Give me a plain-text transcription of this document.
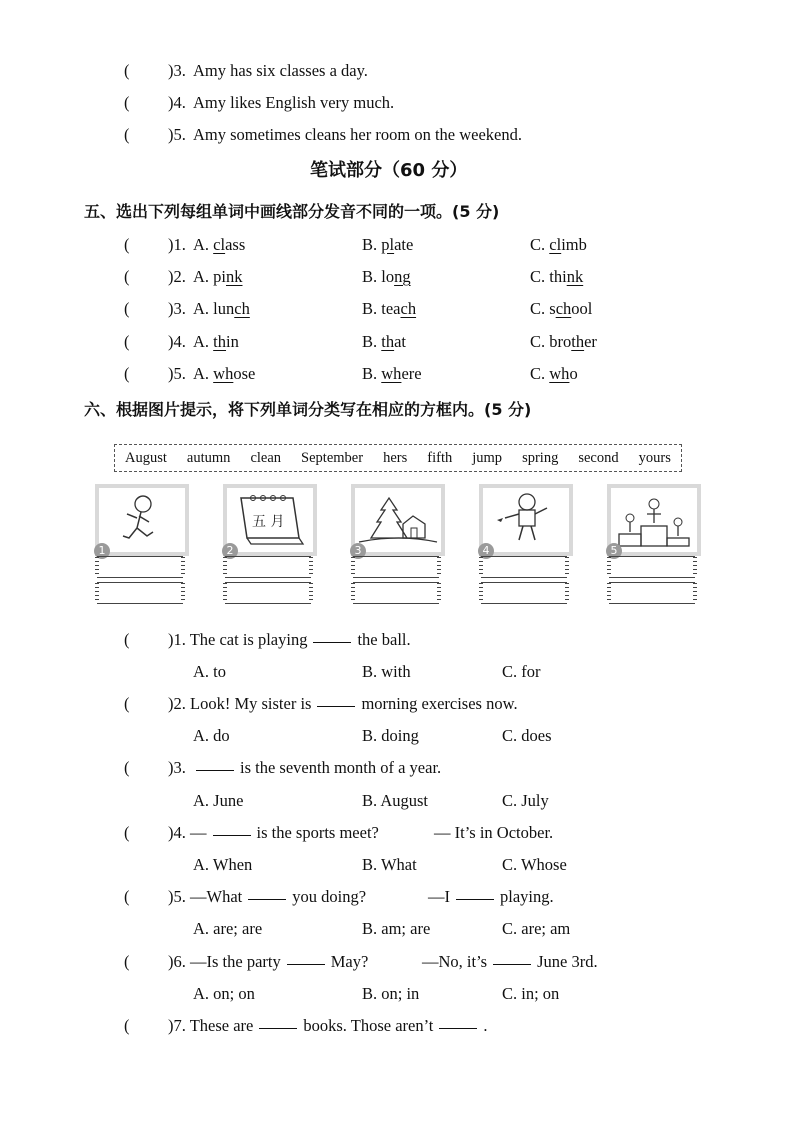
( )3. Amy has six classes a day.
( )4. Amy likes English very much.
( )5. Amy sometimes cleans her room on the weekend.
笔试部分（60 分）
五、选出下列每组单词中画线部分发音不同的一项。(5 分)
( )1. A. class	B. plate	C. climb
( )2. A. pink	B. long	C. think
( )3. A. lunch	B. teach	C. school
( )4. A. thin	B. that	C. brother
( )5. A. whose	B. where	C. who
六、根据图片提示，将下列单词分类写在相应的方框内。(5 分)
August autumn clean September hers fifth jump spring second yours
五 月
1	2	3	4	5
( )1. The cat is playing	the ball.
A. to	B. with	C. for
( )2. Look! My sister is	morning exercises now.
A. do	B. doing	C. does
( )3.	is the seventh month of a year.
A. June	B. August	C. July
( )4. —	is the sports meet?	— It’s in October.
A. When	B. What	C. Whose
( )5. —What	you doing?	—I	playing.
A. are; are	B. am; are	C. are; am
( )6. —Is the party	May?	—No, it’s	June 3rd.
A. on; on	B. on; in	C. in; on
( )7. These are	books. Those aren’t	.
